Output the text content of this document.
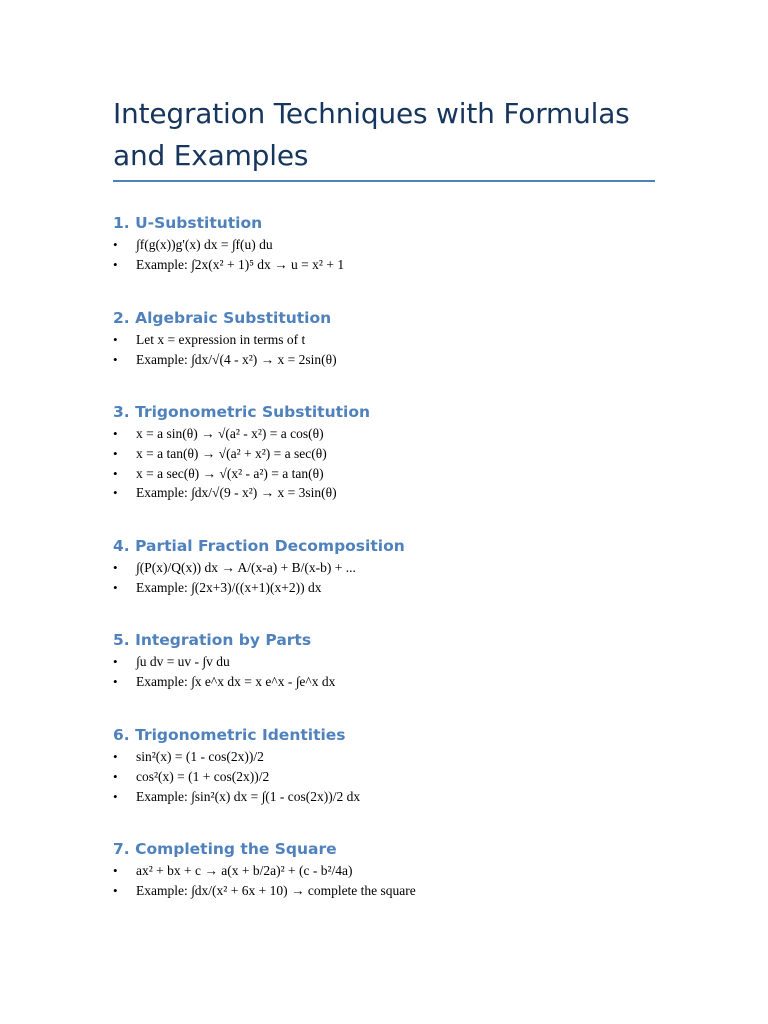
Integration Techniques with Formulas and Examples
1. U-Substitution
• ∫f(g(x))g'(x) dx = ∫f(u) du
• Example: ∫2x(x² + 1)⁵ dx → u = x² + 1
2. Algebraic Substitution
• Let x = expression in terms of t
• Example: ∫dx/√(4 - x²) → x = 2sin(θ)
3. Trigonometric Substitution
• x = a sin(θ) → √(a² - x²) = a cos(θ)
• x = a tan(θ) → √(a² + x²) = a sec(θ)
• x = a sec(θ) → √(x² - a²) = a tan(θ)
• Example: ∫dx/√(9 - x²) → x = 3sin(θ)
4. Partial Fraction Decomposition
• ∫(P(x)/Q(x)) dx → A/(x-a) + B/(x-b) + ...
• Example: ∫(2x+3)/((x+1)(x+2)) dx
5. Integration by Parts
• ∫u dv = uv - ∫v du
• Example: ∫x e^x dx = x e^x - ∫e^x dx
6. Trigonometric Identities
• sin²(x) = (1 - cos(2x))/2
• cos²(x) = (1 + cos(2x))/2
• Example: ∫sin²(x) dx = ∫(1 - cos(2x))/2 dx
7. Completing the Square
• ax² + bx + c → a(x + b/2a)² + (c - b²/4a)
• Example: ∫dx/(x² + 6x + 10) → complete the square
